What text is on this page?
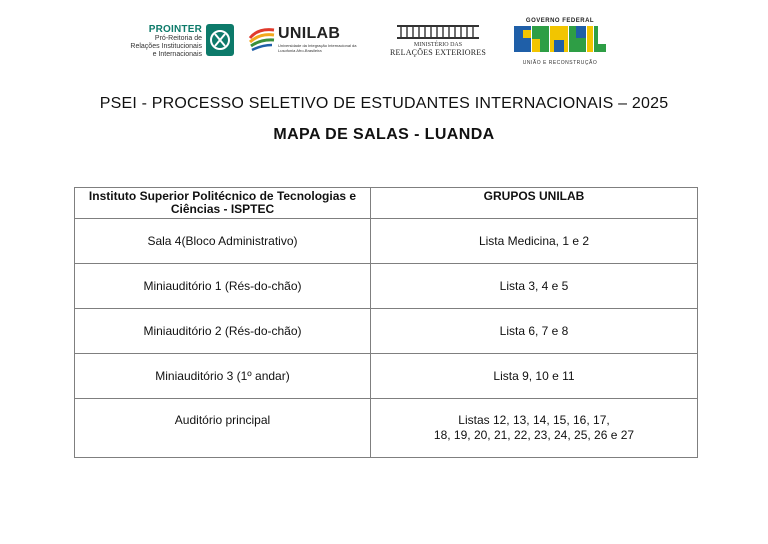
PROINTER
Pró-Reitoria de
Relações Institucionais
e Internacionais
UNILAB
Universidade da Integração Internacional da Lusofonia Afro-Brasileira
MINISTÉRIO DAS
RELAÇÕES EXTERIORES
GOVERNO FEDERAL
UNIÃO E RECONSTRUÇÃO
PSEI - PROCESSO SELETIVO DE ESTUDANTES INTERNACIONAIS – 2025
MAPA DE SALAS - LUANDA
Instituto Superior Politécnico de Tecnologias e Ciências - ISPTEC	GRUPOS UNILAB
Sala 4(Bloco Administrativo)	Lista Medicina, 1 e 2
Miniauditório 1 (Rés-do-chão)	Lista 3, 4 e 5
Miniauditório 2 (Rés-do-chão)	Lista 6, 7 e 8
Miniauditório 3 (1º andar)	Lista 9, 10 e 11
Auditório principal	Listas 12, 13, 14, 15, 16, 17,
18, 19, 20, 21, 22, 23, 24, 25, 26 e 27
